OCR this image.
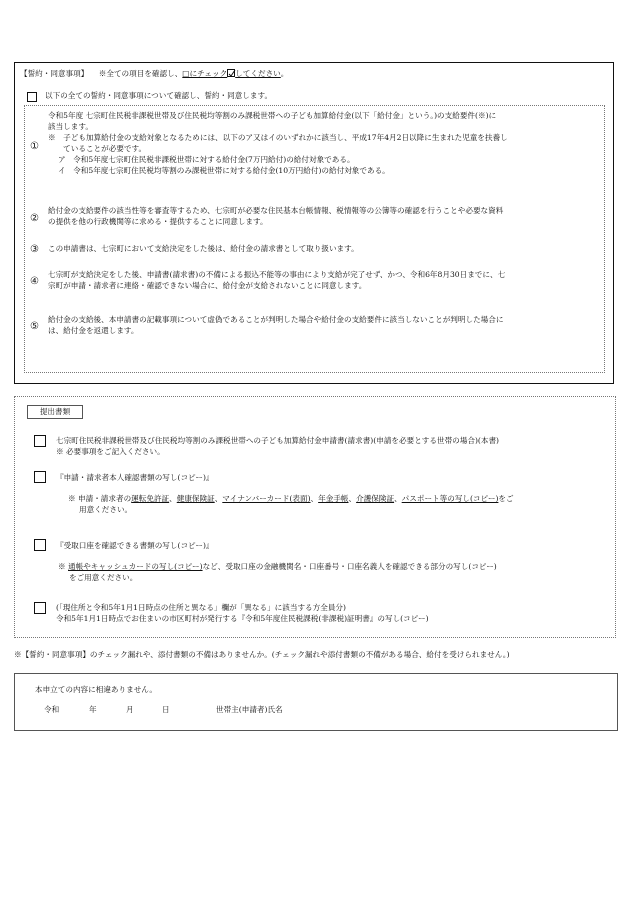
【誓約・同意事項】 ※全ての項目を確認し、□にチェック してください。
以下の全ての誓約・同意事項について確認し、誓約・同意します。
①
令和5年度 七宗町住民税非課税世帯及び住民税均等割のみ課税世帯への子ども加算給付金(以下「給付金」という。)の支給要件(※)に
該当します。
※　子ども加算給付金の支給対象となるためには、以下のア又はイのいずれかに該当し、平成17年4月2日以降に生まれた児童を扶養し
　　ていることが必要です。
ア　令和5年度七宗町住民税非課税世帯に対する給付金(7万円給付)の給付対象である。
イ　令和5年度七宗町住民税均等割のみ課税世帯に対する給付金(10万円給付)の給付対象である。
②
給付金の支給要件の該当性等を審査等するため、七宗町が必要な住民基本台帳情報、税情報等の公簿等の確認を行うことや必要な資料
の提供を他の行政機関等に求める・提供することに同意します。
③ この申請書は、七宗町において支給決定をした後は、給付金の請求書として取り扱います。
④
七宗町が支給決定をした後、申請書(請求書)の不備による振込不能等の事由により支給が完了せず、かつ、令和6年8月30日までに、七
宗町が申請・請求者に連絡・確認できない場合に、給付金が支給されないことに同意します。
⑤
給付金の支給後、本申請書の記載事項について虚偽であることが判明した場合や給付金の支給要件に該当しないことが判明した場合に
は、給付金を返還します。
提出書類
七宗町住民税非課税世帯及び住民税均等割のみ課税世帯への子ども加算給付金申請書(請求書)(申請を必要とする世帯の場合)(本書)
※ 必要事項をご記入ください。
『申請・請求者本人確認書類の写し(コピー)』
※ 申請・請求者の運転免許証、健康保険証、マイナンバーカード(表面)、年金手帳、介護保険証、パスポート等の写し(コピー)をご
用意ください。
『受取口座を確認できる書類の写し(コピー)』
※ 通帳やキャッシュカードの写し(コピー)など、受取口座の金融機関名・口座番号・口座名義人を確認できる部分の写し(コピー)
をご用意ください。
(「現住所と令和5年1月1日時点の住所と異なる」欄が「異なる」に該当する方全員分)
令和5年1月1日時点でお住まいの市区町村が発行する『令和5年度住民税課税(非課税)証明書』の写し(コピー)
※【誓約・同意事項】のチェック漏れや、添付書類の不備はありませんか。(チェック漏れや添付書類の不備がある場合、給付を受けられません。)
本申立ての内容に相違ありません。
令和	年	月	日	世帯主(申請者)氏名
